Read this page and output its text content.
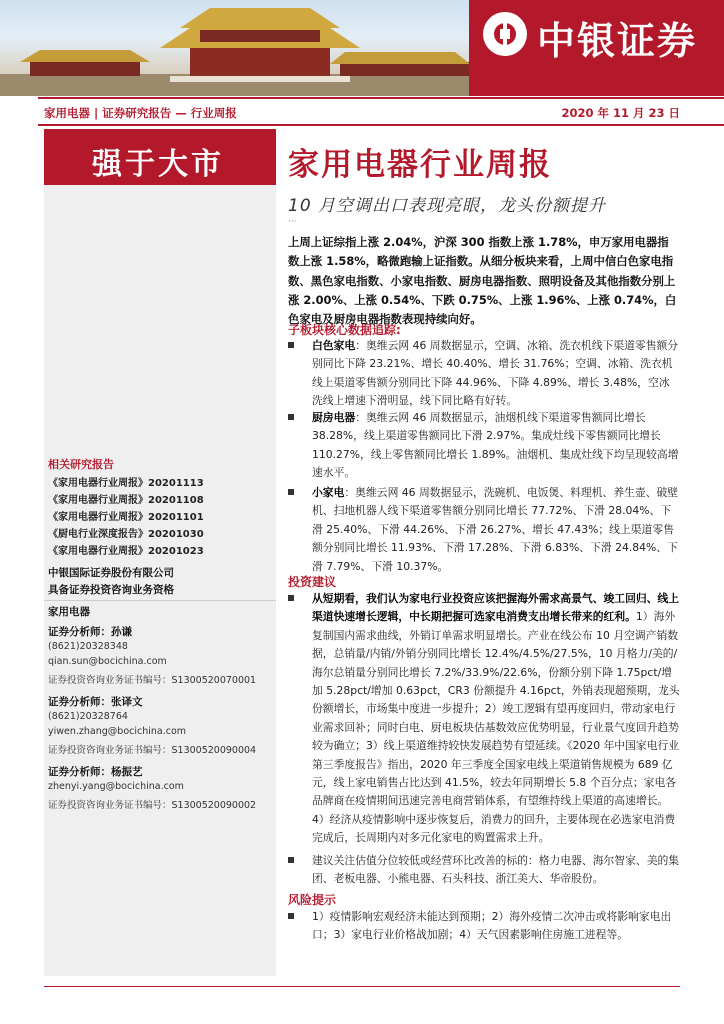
中银证券
家用电器 | 证券研究报告 — 行业周报	2020 年 11 月 23 日
强于大市 家用电器行业周报
10 月空调出口表现亮眼，龙头份额提升
···
上周上证综指上涨 2.04%，沪深 300 指数上涨 1.78%，申万家用电器指数上涨 1.58%，略微跑输上证指数。从细分板块来看，上周中信白色家电指数、黑色家电指数、小家电指数、厨房电器指数、照明设备及其他指数分别上涨 2.00%、上涨 0.54%、下跌 0.75%、上涨 1.96%、上涨 0.74%，白色家电及厨房电器指数表现持续向好。
子板块核心数据追踪:
白色家电：奥维云网 46 周数据显示，空调、冰箱、洗衣机线下渠道零售额分别同比下降 23.21%、增长 40.40%、增长 31.76%；空调、冰箱、洗衣机线上渠道零售额分别同比下降 44.96%、下降 4.89%、增长 3.48%，空冰洗线上增速下滑明显，线下同比略有好转。
厨房电器：奥维云网 46 周数据显示，油烟机线下渠道零售额同比增长 38.28%，线上渠道零售额同比下滑 2.97%。集成灶线下零售额同比增长 110.27%，线上零售额同比增长 1.89%。油烟机、集成灶线下均呈现较高增速水平。
小家电：奥维云网 46 周数据显示，洗碗机、电饭煲、料理机、养生壶、破壁机、扫地机器人线下渠道零售额分别同比增长 77.72%、下滑 28.04%、下滑 25.40%、下滑 44.26%、下滑 26.27%、增长 47.43%；线上渠道零售额分别同比增长 11.93%、下滑 17.28%、下滑 6.83%、下滑 24.84%、下滑 7.79%、下滑 10.37%。
投资建议
从短期看，我们认为家电行业投资应该把握海外需求高景气、竣工回归、线上渠道快速增长逻辑，中长期把握可选家电消费支出增长带来的红利。1）海外复制国内需求曲线，外销订单需求明显增长。产业在线公布 10 月空调产销数据，总销量/内销/外销分别同比增长 12.4%/4.5%/27.5%，10 月格力/美的/海尔总销量分别同比增长 7.2%/33.9%/22.6%，份额分别下降 1.75pct/增加 5.28pct/增加 0.63pct，CR3 份额提升 4.16pct，外销表现超预期，龙头份额增长，市场集中度进一步提升；2）竣工逻辑有望再度回归，带动家电行业需求回补；同时白电、厨电板块估基数效应优势明显，行业景气度回升趋势较为确立；3）线上渠道维持较快发展趋势有望延续。《2020 年中国家电行业第三季度报告》指出，2020 年三季度全国家电线上渠道销售规模为 689 亿元，线上家电销售占比达到 41.5%，较去年同期增长 5.8 个百分点；家电各品牌商在疫情期间迅速完善电商营销体系，有望维持线上渠道的高速增长。4）经济从疫情影响中逐步恢复后，消费力的回升，主要体现在必选家电消费完成后，长周期内对多元化家电的购置需求上升。
建议关注估值分位较低或经营环比改善的标的：格力电器、海尔智家、美的集团、老板电器、小熊电器、石头科技、浙江美大、华帝股份。
风险提示
1）疫情影响宏观经济未能达到预期；2）海外疫情二次冲击或将影响家电出口；3）家电行业价格战加剧；4）天气因素影响住房施工进程等。
相关研究报告
《家用电器行业周报》20201113
《家用电器行业周报》20201108
《家用电器行业周报》20201101
《厨电行业深度报告》20201030
《家用电器行业周报》20201023
中银国际证券股份有限公司
具备证券投资咨询业务资格
家用电器
证券分析师：孙谦
(8621)20328348
qian.sun@bocichina.com
证券投资咨询业务证书编号：S1300520070001
证券分析师：张译文
(8621)20328764
yiwen.zhang@bocichina.com
证券投资咨询业务证书编号：S1300520090004
证券分析师：杨振艺
zhenyi.yang@bocichina.com
证券投资咨询业务证书编号：S1300520090002
